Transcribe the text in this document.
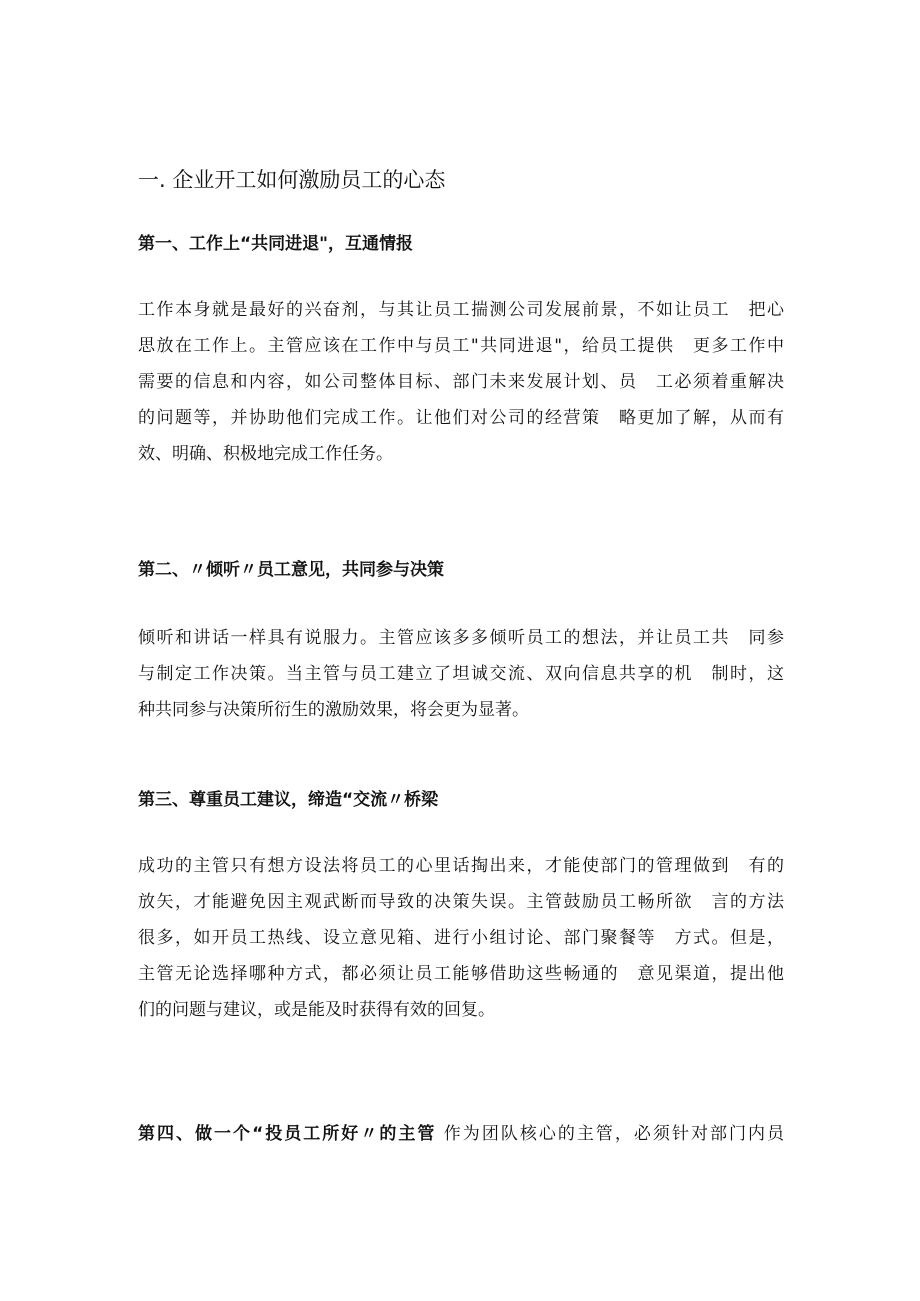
一. 企业开工如何激励员工的心态
第一、工作上“共同进退"，互通情报
工作本身就是最好的兴奋剂，与其让员工揣测公司发展前景，不如让员工　把心
思放在工作上。主管应该在工作中与员工"共同进退"，给员工提供　更多工作中
需要的信息和内容，如公司整体目标、部门未来发展计划、员　工必须着重解决
的问题等，并协助他们完成工作。让他们对公司的经营策　略更加了解，从而有
效、明确、积极地完成工作任务。
第二、〃倾听〃员工意见，共同参与决策
倾听和讲话一样具有说服力。主管应该多多倾听员工的想法，并让员工共　同参
与制定工作决策。当主管与员工建立了坦诚交流、双向信息共享的机　制时，这
种共同参与决策所衍生的激励效果，将会更为显著。
第三、尊重员工建议，缔造“交流〃桥梁
成功的主管只有想方设法将员工的心里话掏出来，才能使部门的管理做到　有的
放矢，才能避免因主观武断而导致的决策失误。主管鼓励员工畅所欲　言的方法
很多，如开员工热线、设立意见箱、进行小组讨论、部门聚餐等　方式。但是，
主管无论选择哪种方式，都必须让员工能够借助这些畅通的　意见渠道，提出他
们的问题与建议，或是能及时获得有效的回复。

第四、做一个“投员工所好〃的主管 作为团队核心的主管，必须针对部门内员
